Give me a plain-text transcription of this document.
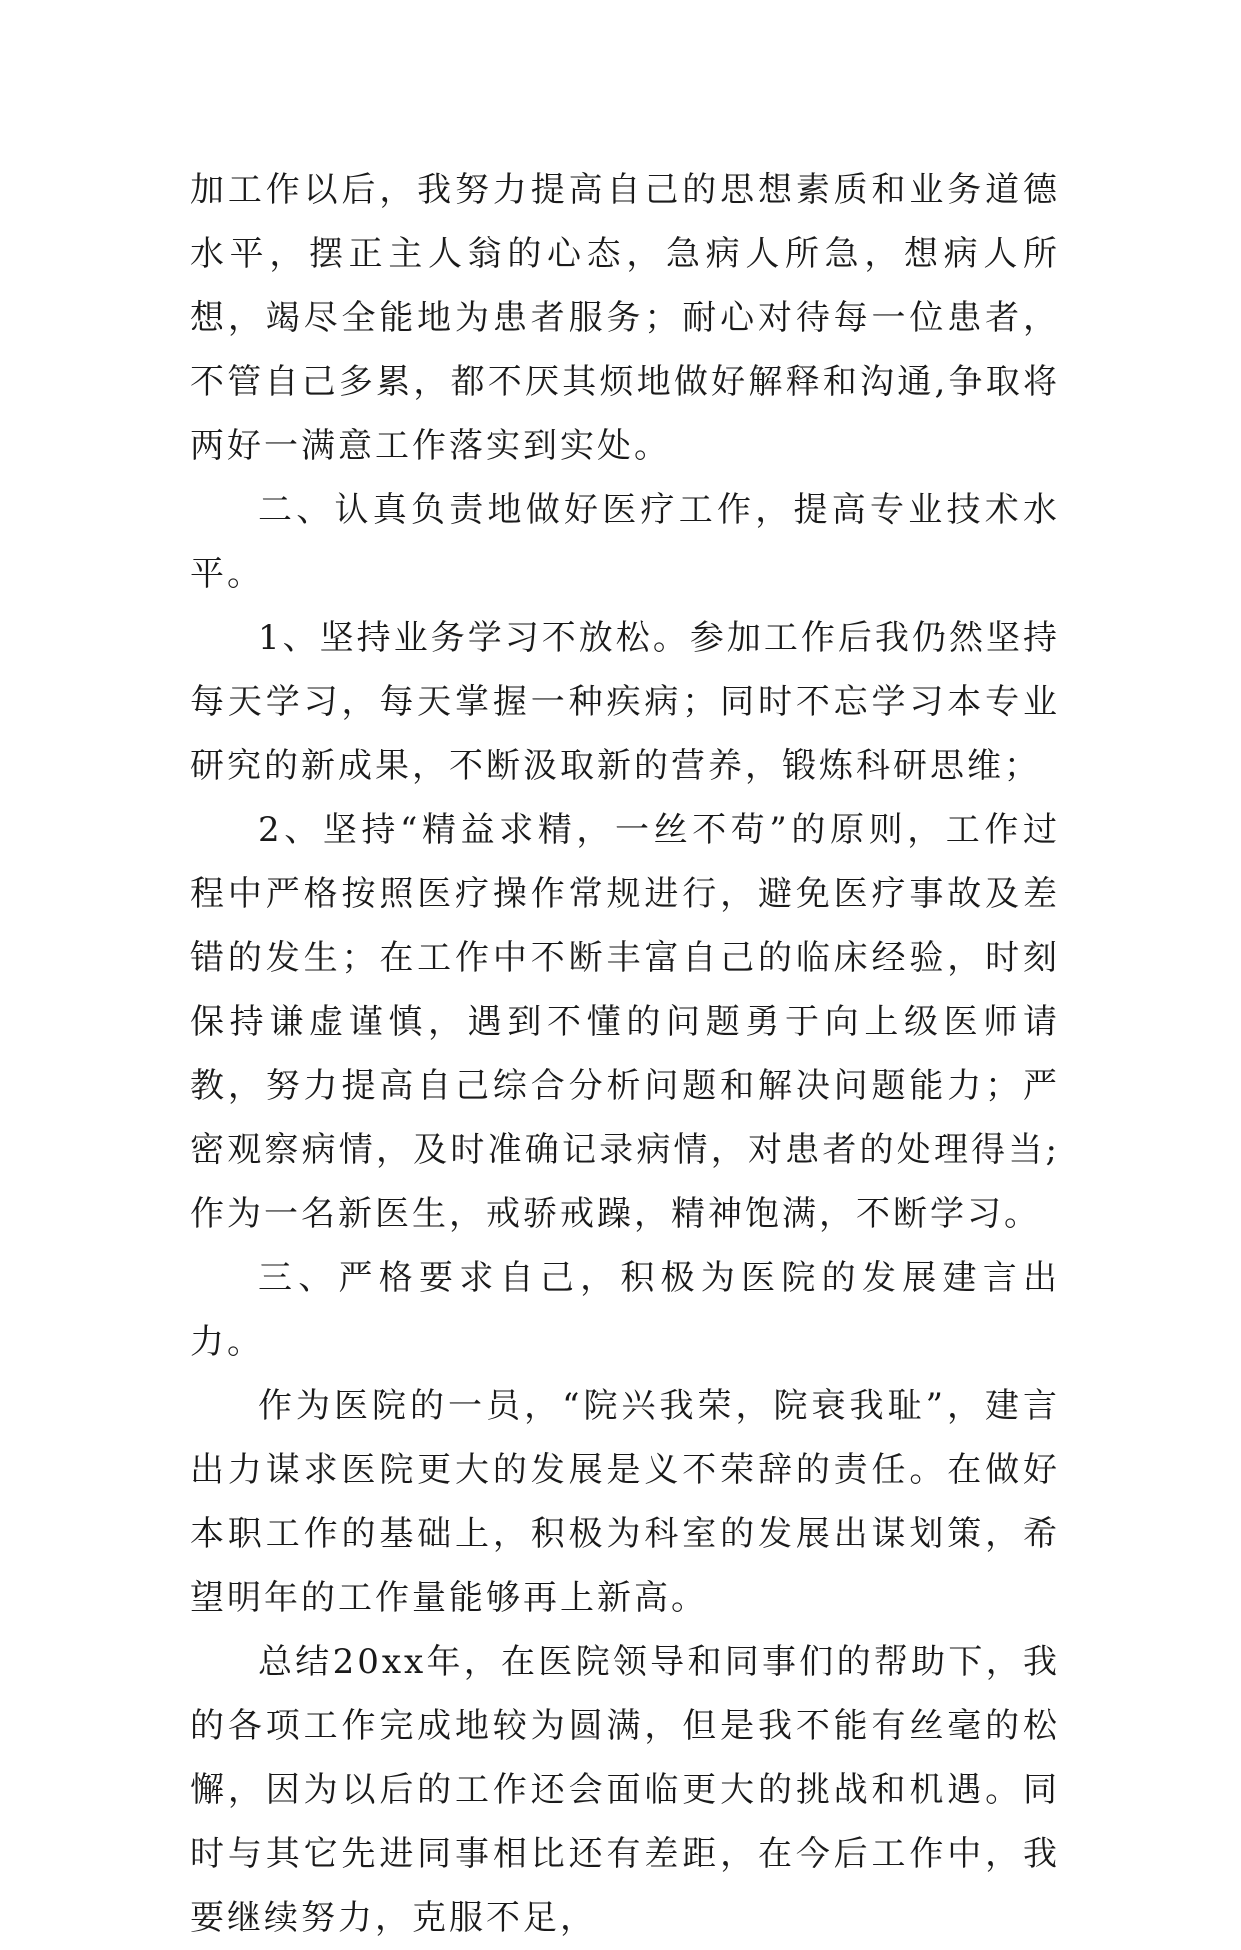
加工作以后，我努力提高自己的思想素质和业务道德水平，摆正主人翁的心态，急病人所急，想病人所想，竭尽全能地为患者服务；耐心对待每一位患者，不管自己多累，都不厌其烦地做好解释和沟通,争取将两好一满意工作落实到实处。

二、认真负责地做好医疗工作，提高专业技术水平。

1、坚持业务学习不放松。参加工作后我仍然坚持每天学习，每天掌握一种疾病；同时不忘学习本专业研究的新成果，不断汲取新的营养，锻炼科研思维；

2、坚持“精益求精，一丝不苟”的原则，工作过程中严格按照医疗操作常规进行，避免医疗事故及差错的发生；在工作中不断丰富自己的临床经验，时刻保持谦虚谨慎，遇到不懂的问题勇于向上级医师请教，努力提高自己综合分析问题和解决问题能力；严密观察病情，及时准确记录病情，对患者的处理得当;作为一名新医生，戒骄戒躁，精神饱满，不断学习。

三、严格要求自己，积极为医院的发展建言出力。

作为医院的一员，“院兴我荣，院衰我耻”，建言出力谋求医院更大的发展是义不荣辞的责任。在做好本职工作的基础上，积极为科室的发展出谋划策，希望明年的工作量能够再上新高。

总结20xx年，在医院领导和同事们的帮助下，我的各项工作完成地较为圆满，但是我不能有丝毫的松懈，因为以后的工作还会面临更大的挑战和机遇。同时与其它先进同事相比还有差距，在今后工作中，我要继续努力，克服不足，
